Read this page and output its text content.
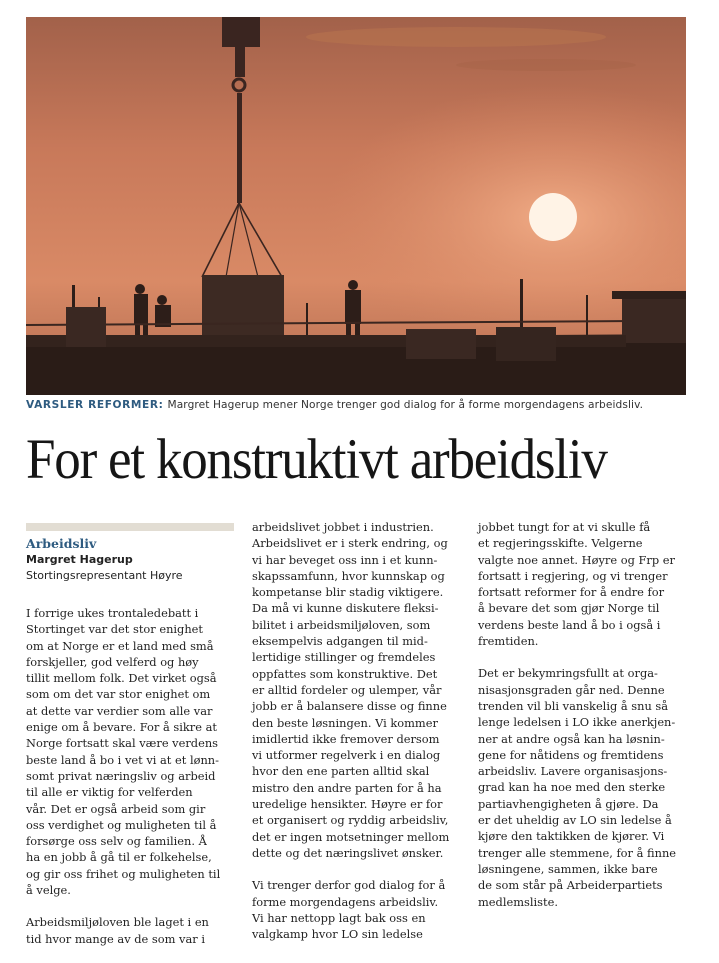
VARSLER REFORMER: Margret Hagerup mener Norge trenger god dialog for å forme morgendagens arbeidsliv.
For et konstruktivt arbeidsliv
Arbeidsliv
Margret Hagerup
Stortingsrepresentant Høyre

I forrige ukes trontaledebatt i
Stortinget var det stor enighet
om at Norge er et land med små
forskjeller, god velferd og høy
tillit mellom folk. Det virket også
som om det var stor enighet om
at dette var verdier som alle var
enige om å bevare. For å sikre at
Norge fortsatt skal være verdens
beste land å bo i vet vi at et lønn-
somt privat næringsliv og arbeid
til alle er viktig for velferden
vår. Det er også arbeid som gir
oss verdighet og muligheten til å
forsørge oss selv og familien. Å
ha en jobb å gå til er folkehelse,
og gir oss frihet og muligheten til
å velge.

Arbeidsmiljøloven ble laget i en
tid hvor mange av de som var i

arbeidslivet jobbet i industrien.
Arbeidslivet er i sterk endring, og
vi har beveget oss inn i et kunn-
skapssamfunn, hvor kunnskap og
kompetanse blir stadig viktigere.
Da må vi kunne diskutere fleksi-
bilitet i arbeidsmiljøloven, som
eksempelvis adgangen til mid-
lertidige stillinger og fremdeles
oppfattes som konstruktive. Det
er alltid fordeler og ulemper, vår
jobb er å balansere disse og finne
den beste løsningen. Vi kommer
imidlertid ikke fremover dersom
vi utformer regelverk i en dialog
hvor den ene parten alltid skal
mistro den andre parten for å ha
uredelige hensikter. Høyre er for
et organisert og ryddig arbeidsliv,
det er ingen motsetninger mellom
dette og det næringslivet ønsker.

Vi trenger derfor god dialog for å
forme morgendagens arbeidsliv.
Vi har nettopp lagt bak oss en
valgkamp hvor LO sin ledelse

jobbet tungt for at vi skulle få
et regjeringsskifte. Velgerne
valgte noe annet. Høyre og Frp er
fortsatt i regjering, og vi trenger
fortsatt reformer for å endre for
å bevare det som gjør Norge til
verdens beste land å bo i også i
fremtiden.

Det er bekymringsfullt at orga-
nisasjonsgraden går ned. Denne
trenden vil bli vanskelig å snu så
lenge ledelsen i LO ikke anerkjen-
ner at andre også kan ha løsnin-
gene for nåtidens og fremtidens
arbeidsliv. Lavere organisasjons-
grad kan ha noe med den sterke
partiavhengigheten å gjøre. Da
er det uheldig av LO sin ledelse å
kjøre den taktikken de kjører. Vi
trenger alle stemmene, for å finne
løsningene, sammen, ikke bare
de som står på Arbeiderpartiets
medlemsliste.
